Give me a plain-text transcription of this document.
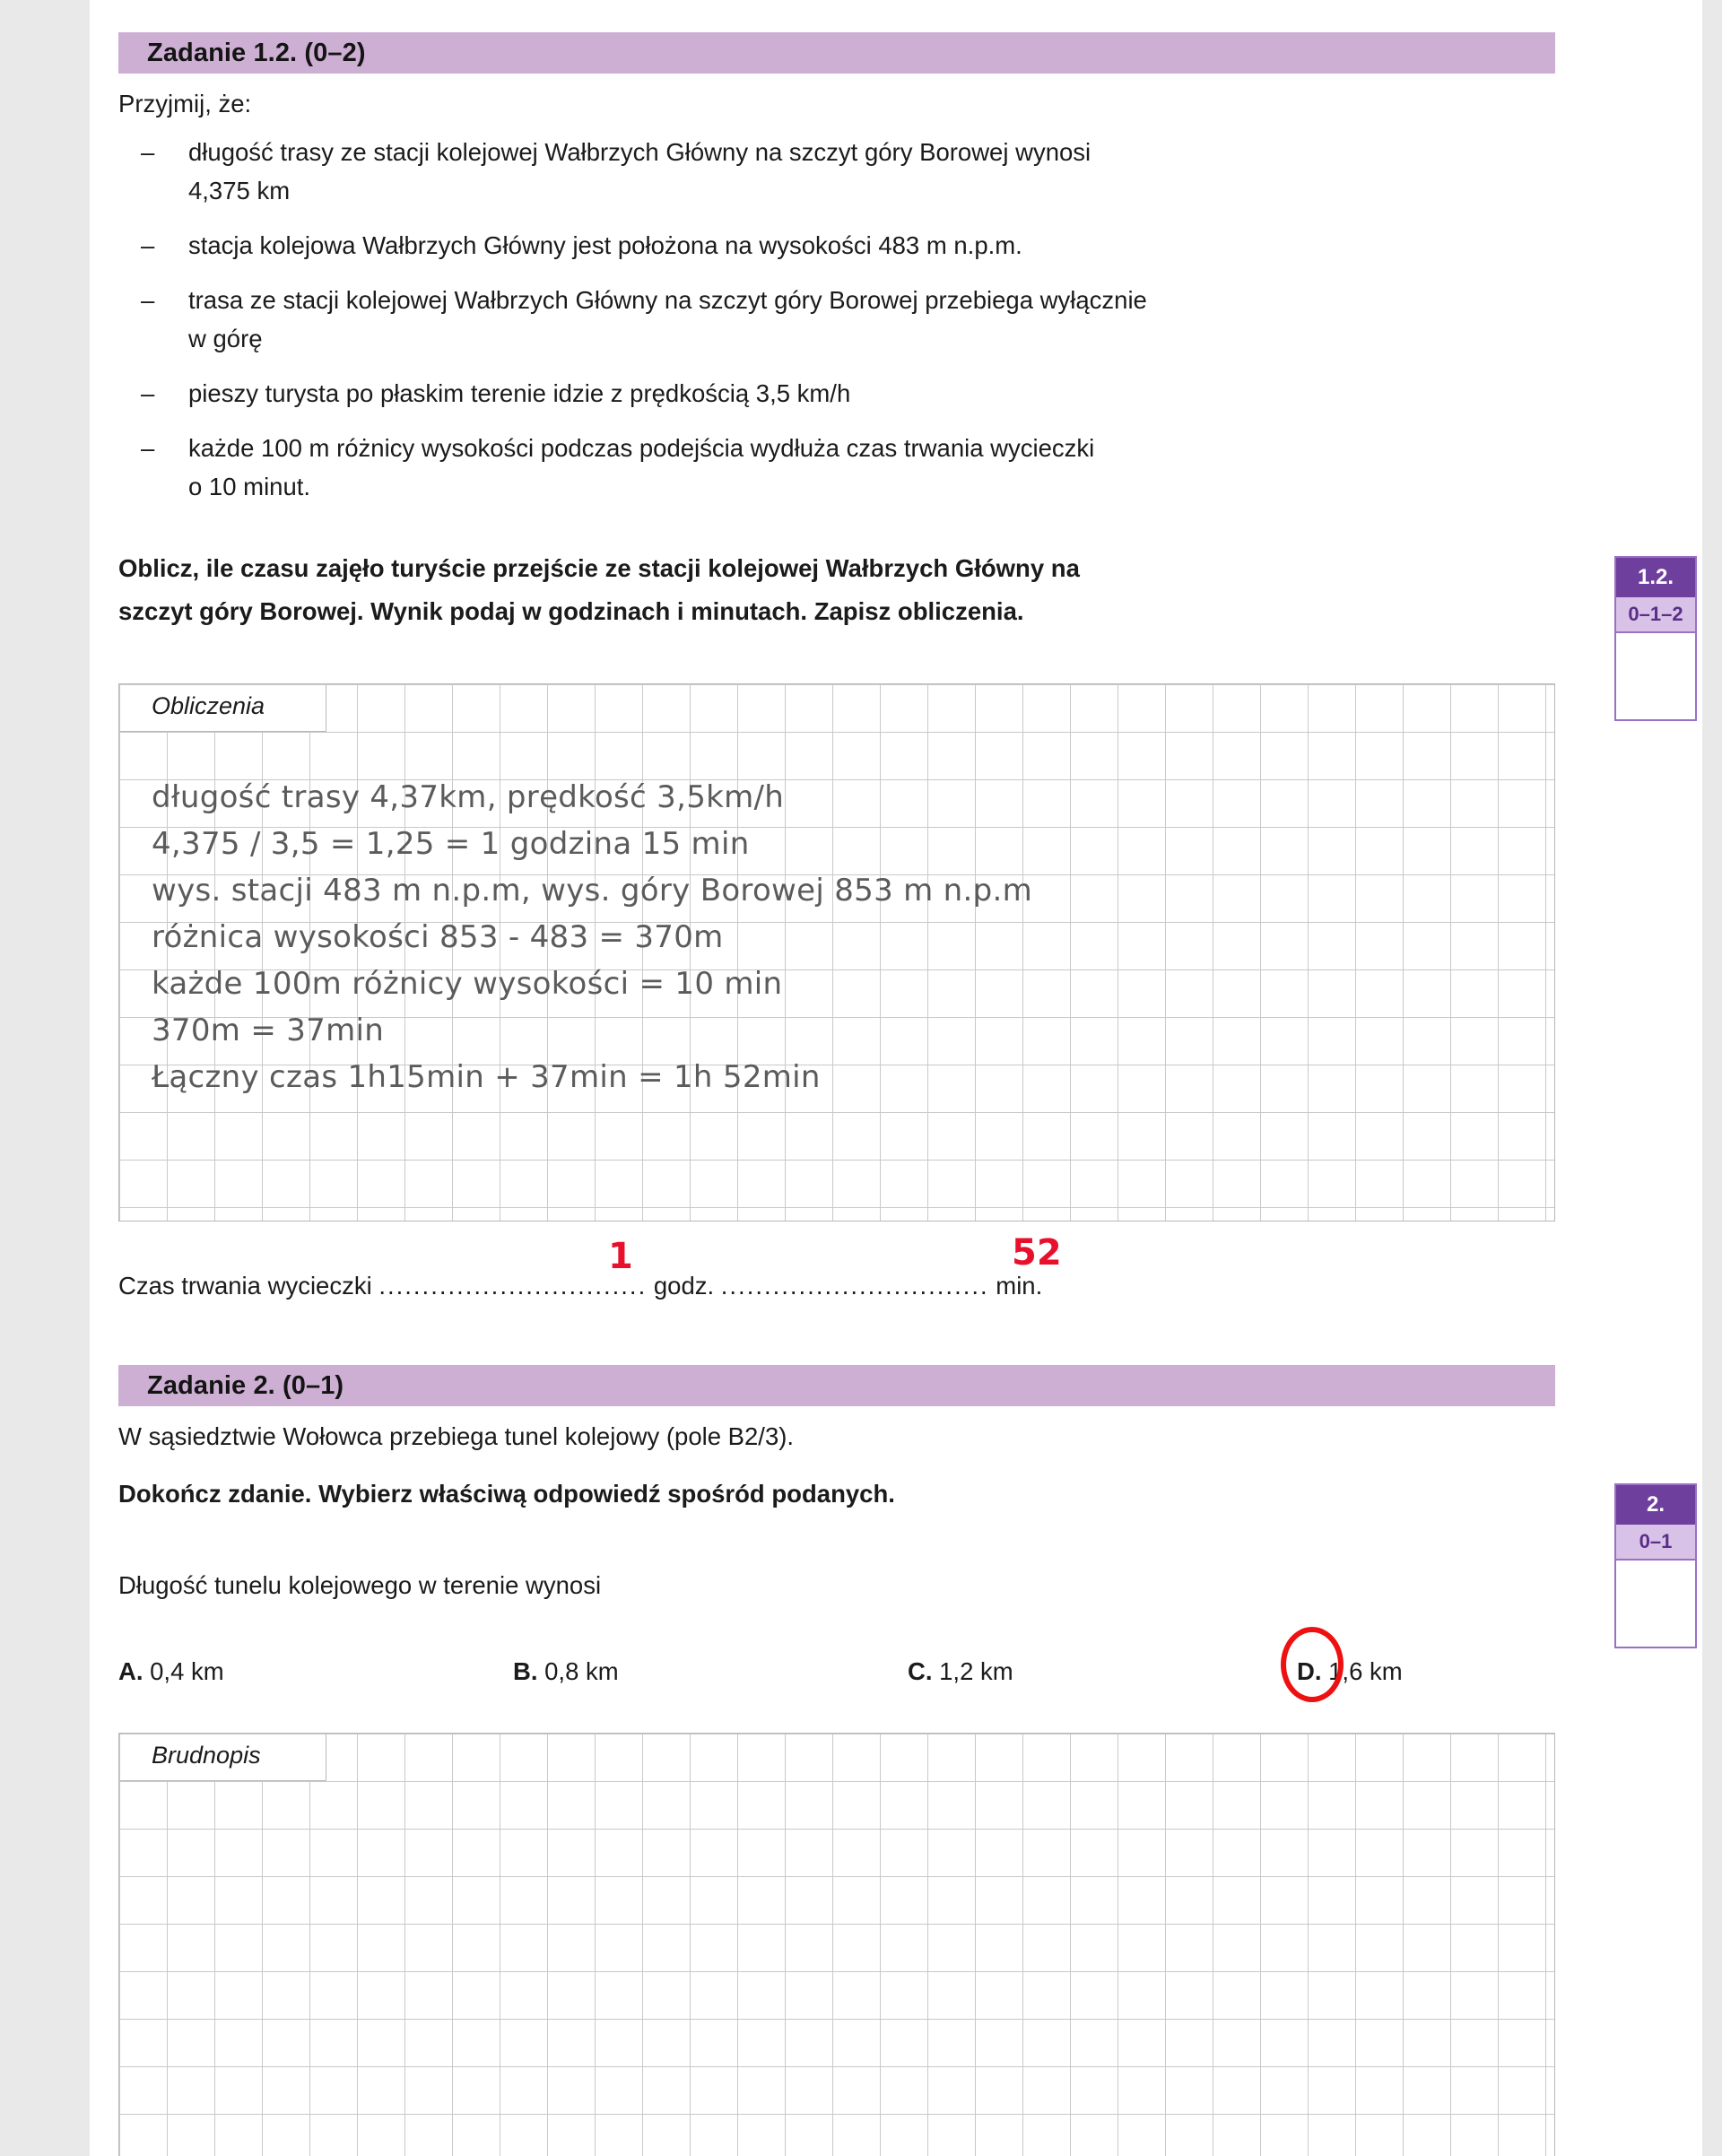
Zadanie 1.2. (0–2)
Przyjmij, że:
– długość trasy ze stacji kolejowej Wałbrzych Główny na szczyt góry Borowej wynosi
4,375 km
– stacja kolejowa Wałbrzych Główny jest położona na wysokości 483 m n.p.m.
– trasa ze stacji kolejowej Wałbrzych Główny na szczyt góry Borowej przebiega wyłącznie
w górę
– pieszy turysta po płaskim terenie idzie z prędkością 3,5 km/h
– każde 100 m różnicy wysokości podczas podejścia wydłuża czas trwania wycieczki
o 10 minut.
Oblicz, ile czasu zajęło turyście przejście ze stacji kolejowej Wałbrzych Główny na
szczyt góry Borowej. Wynik podaj w godzinach i minutach. Zapisz obliczenia.
1.2.
0–1–2
Obliczenia
długość trasy 4,37km, prędkość 3,5km/h
4,375 / 3,5 = 1,25 = 1 godzina 15 min
wys. stacji 483 m n.p.m, wys. góry Borowej 853 m n.p.m
różnica wysokości 853 - 483 = 370m
każde 100m różnicy wysokości = 10 min
370m = 37min
Łączny czas 1h15min + 37min = 1h 52min
Czas trwania wycieczki ............................... godz. ............................... min.
1	52
Zadanie 2. (0–1)
W sąsiedztwie Wołowca przebiega tunel kolejowy (pole B2/3).
Dokończ zdanie. Wybierz właściwą odpowiedź spośród podanych.	2.
0–1
Długość tunelu kolejowego w terenie wynosi
A. 0,4 km	B. 0,8 km	C. 1,2 km	D. 1,6 km
Brudnopis
